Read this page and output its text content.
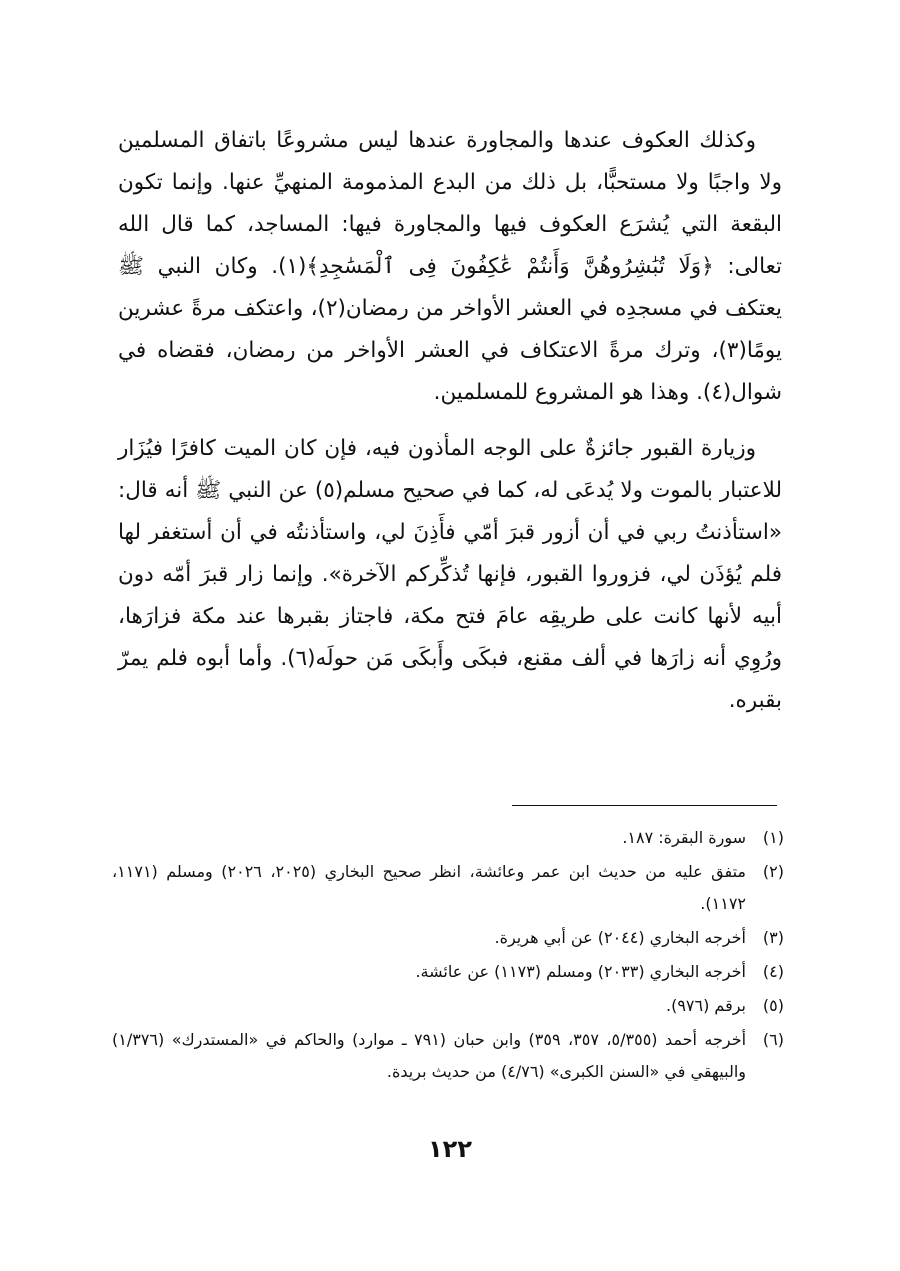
وكذلك العكوف عندها والمجاورة عندها ليس مشروعًا باتفاق المسلمين ولا واجبًا ولا مستحبًّا، بل ذلك من البدع المذمومة المنهيِّ عنها. وإنما تكون البقعة التي يُشرَع العكوف فيها والمجاورة فيها: المساجد، كما قال الله تعالى: ﴿وَلَا تُبَٰشِرُوهُنَّ وَأَنتُمْ عَٰكِفُونَ فِى ٱلْمَسَٰجِدِ﴾(١). وكان النبي ﷺ يعتكف في مسجدِه في العشر الأواخر من رمضان(٢)، واعتكف مرةً عشرين يومًا(٣)، وترك مرةً الاعتكاف في العشر الأواخر من رمضان، فقضاه في شوال(٤). وهذا هو المشروع للمسلمين.

وزيارة القبور جائزةٌ على الوجه المأذون فيه، فإن كان الميت كافرًا فيُزَار للاعتبار بالموت ولا يُدعَى له، كما في صحيح مسلم(٥) عن النبي ﷺ أنه قال: «استأذنتُ ربي في أن أزور قبرَ أمّي فأَذِنَ لي، واستأذنتُه في أن أستغفر لها فلم يُؤذَن لي، فزوروا القبور، فإنها تُذكِّركم الآخرة». وإنما زار قبرَ أمّه دون أبيه لأنها كانت على طريقِه عامَ فتح مكة، فاجتاز بقبرها عند مكة فزارَها، ورُوِي أنه زارَها في ألف مقنع، فبكَى وأَبكَى مَن حولَه(٦). وأما أبوه فلم يمرّ بقبره.

(١)
سورة البقرة: ١٨٧.
(٢)
متفق عليه من حديث ابن عمر وعائشة، انظر صحيح البخاري (٢٠٢٥، ٢٠٢٦) ومسلم (١١٧١، ١١٧٢).
(٣)
أخرجه البخاري (٢٠٤٤) عن أبي هريرة.
(٤)
أخرجه البخاري (٢٠٣٣) ومسلم (١١٧٣) عن عائشة.
(٥)
برقم (٩٧٦).
(٦)
أخرجه أحمد (٥/٣٥٥، ٣٥٧، ٣٥٩) وابن حبان (٧٩١ ـ موارد) والحاكم في «المستدرك» (١/٣٧٦) والبيهقي في «السنن الكبرى» (٤/٧٦) من حديث بريدة.
١٢٢
